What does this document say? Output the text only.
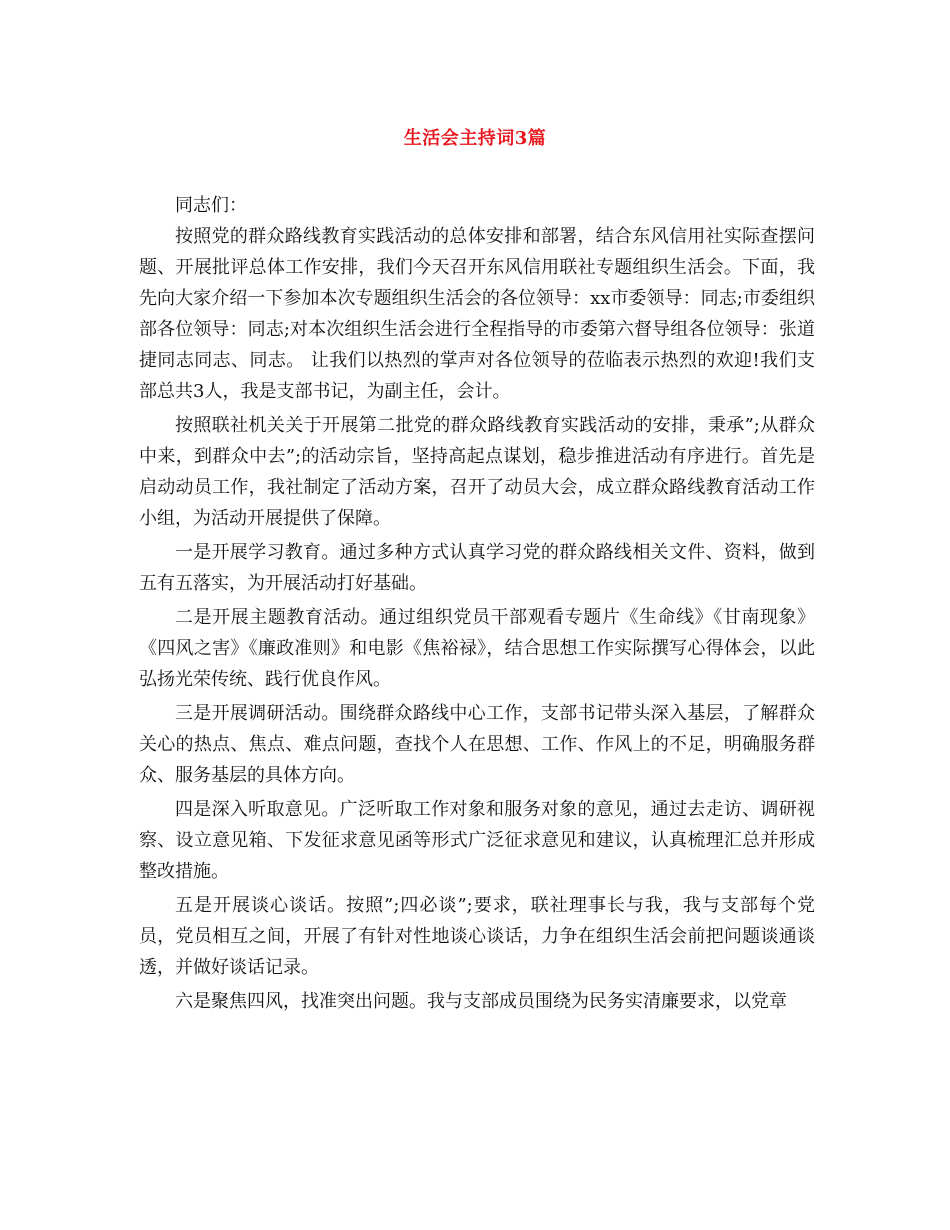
生活会主持词3篇

同志们：

按照党的群众路线教育实践活动的总体安排和部署，结合东风信用社实际查摆问题、开展批评总体工作安排，我们今天召开东风信用联社专题组织生活会。下面，我先向大家介绍一下参加本次专题组织生活会的各位领导：xx市委领导：同志;市委组织部各位领导：同志;对本次组织生活会进行全程指导的市委第六督导组各位领导：张道捷同志同志、同志。 让我们以热烈的掌声对各位领导的莅临表示热烈的欢迎!我们支部总共3人，我是支部书记，为副主任，会计。

按照联社机关关于开展第二批党的群众路线教育实践活动的安排，秉承”;从群众中来，到群众中去”;的活动宗旨，坚持高起点谋划，稳步推进活动有序进行。首先是启动动员工作，我社制定了活动方案，召开了动员大会，成立群众路线教育活动工作小组，为活动开展提供了保障。

一是开展学习教育。通过多种方式认真学习党的群众路线相关文件、资料，做到五有五落实，为开展活动打好基础。

二是开展主题教育活动。通过组织党员干部观看专题片《生命线》《甘南现象》《四风之害》《廉政准则》和电影《焦裕禄》，结合思想工作实际撰写心得体会，以此弘扬光荣传统、践行优良作风。

三是开展调研活动。围绕群众路线中心工作，支部书记带头深入基层，了解群众关心的热点、焦点、难点问题，查找个人在思想、工作、作风上的不足，明确服务群众、服务基层的具体方向。

四是深入听取意见。广泛听取工作对象和服务对象的意见，通过去走访、调研视察、设立意见箱、下发征求意见函等形式广泛征求意见和建议，认真梳理汇总并形成整改措施。

五是开展谈心谈话。按照”;四必谈”;要求，联社理事长与我，我与支部每个党员，党员相互之间，开展了有针对性地谈心谈话，力争在组织生活会前把问题谈通谈透，并做好谈话记录。

六是聚焦四风，找准突出问题。我与支部成员围绕为民务实清廉要求，以党章
